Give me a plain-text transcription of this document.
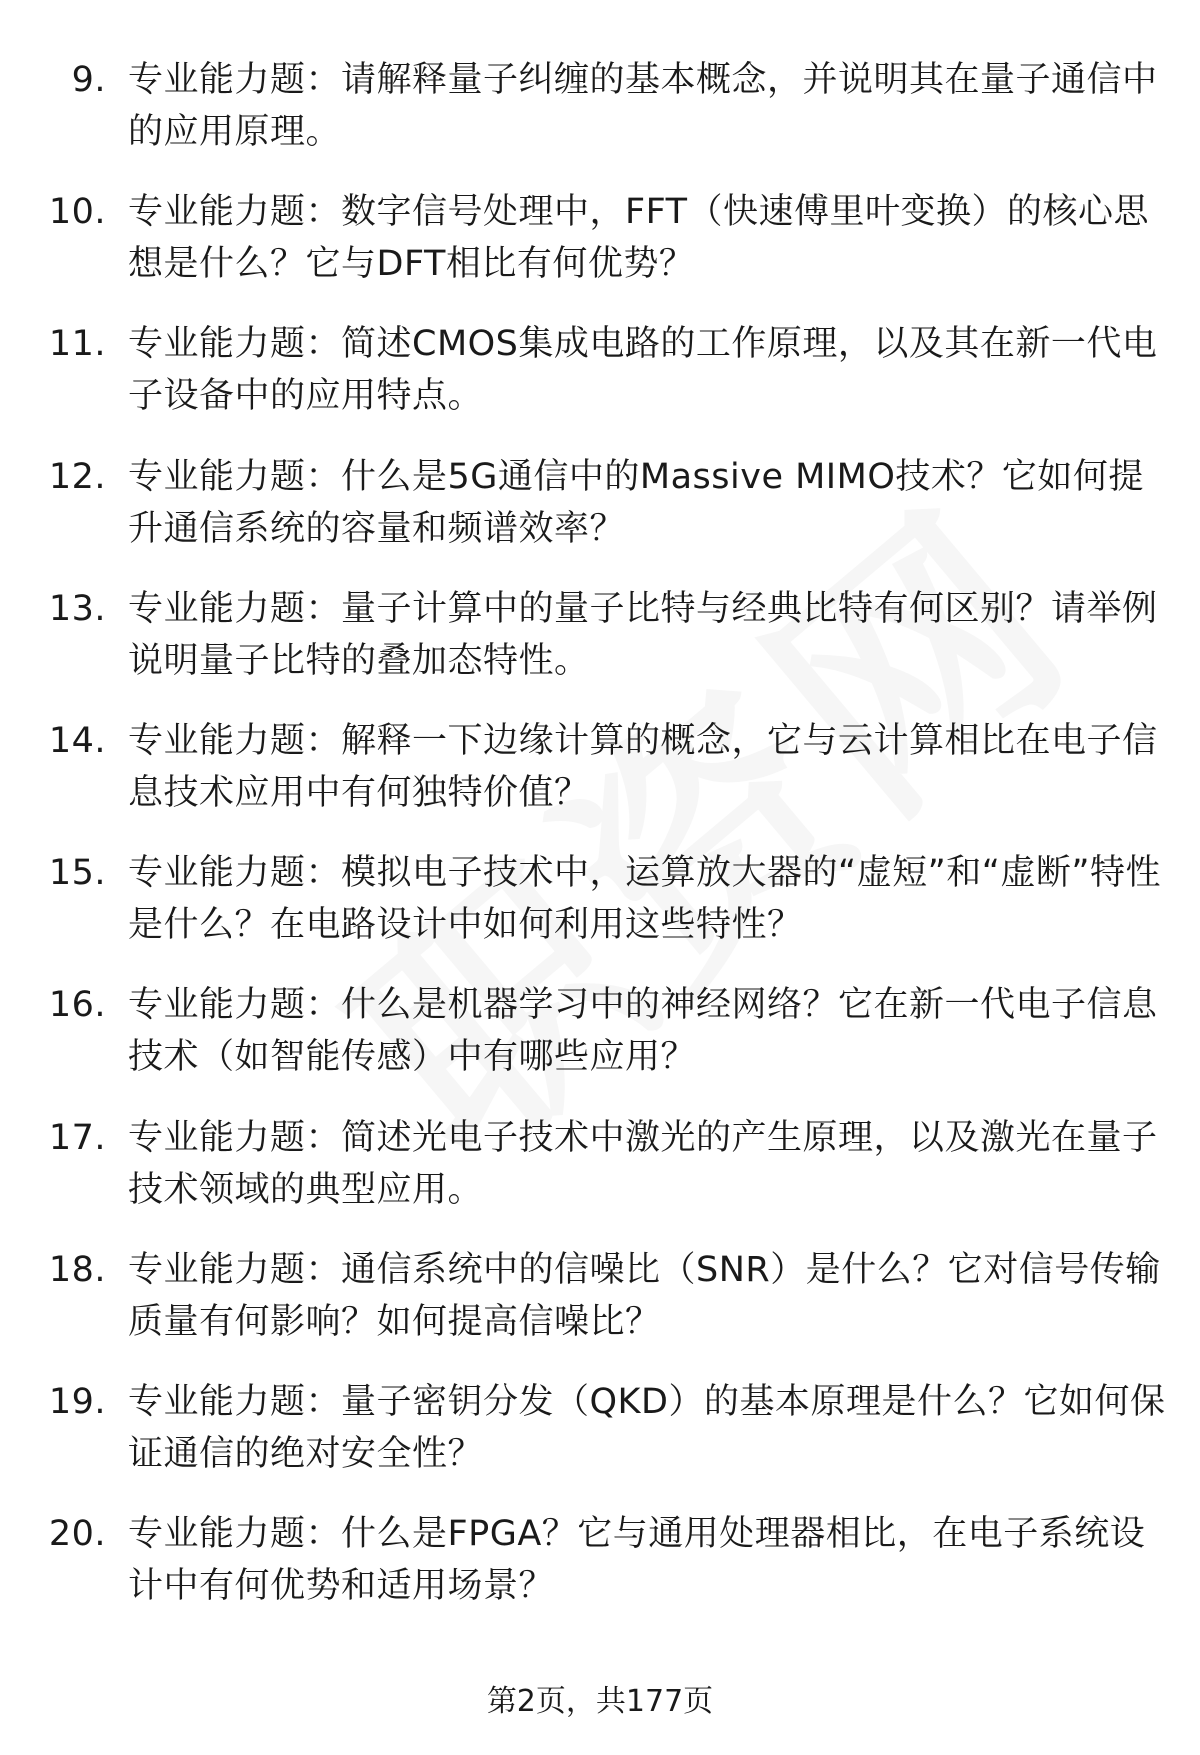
9. 专业能力题：请解释量子纠缠的基本概念，并说明其在量子通信中的应用原理。
10. 专业能力题：数字信号处理中，FFT（快速傅里叶变换）的核心思想是什么？它与DFT相比有何优势？
11. 专业能力题：简述CMOS集成电路的工作原理，以及其在新一代电子设备中的应用特点。
12. 专业能力题：什么是5G通信中的Massive MIMO技术？它如何提升通信系统的容量和频谱效率？
13. 专业能力题：量子计算中的量子比特与经典比特有何区别？请举例说明量子比特的叠加态特性。
14. 专业能力题：解释一下边缘计算的概念，它与云计算相比在电子信息技术应用中有何独特价值？
15. 专业能力题：模拟电子技术中，运算放大器的“虚短”和“虚断”特性是什么？在电路设计中如何利用这些特性？
16. 专业能力题：什么是机器学习中的神经网络？它在新一代电子信息技术（如智能传感）中有哪些应用？
17. 专业能力题：简述光电子技术中激光的产生原理，以及激光在量子技术领域的典型应用。
18. 专业能力题：通信系统中的信噪比（SNR）是什么？它对信号传输质量有何影响？如何提高信噪比？
19. 专业能力题：量子密钥分发（QKD）的基本原理是什么？它如何保证通信的绝对安全性？
20. 专业能力题：什么是FPGA？它与通用处理器相比，在电子系统设计中有何优势和适用场景？
第2页，共177页
